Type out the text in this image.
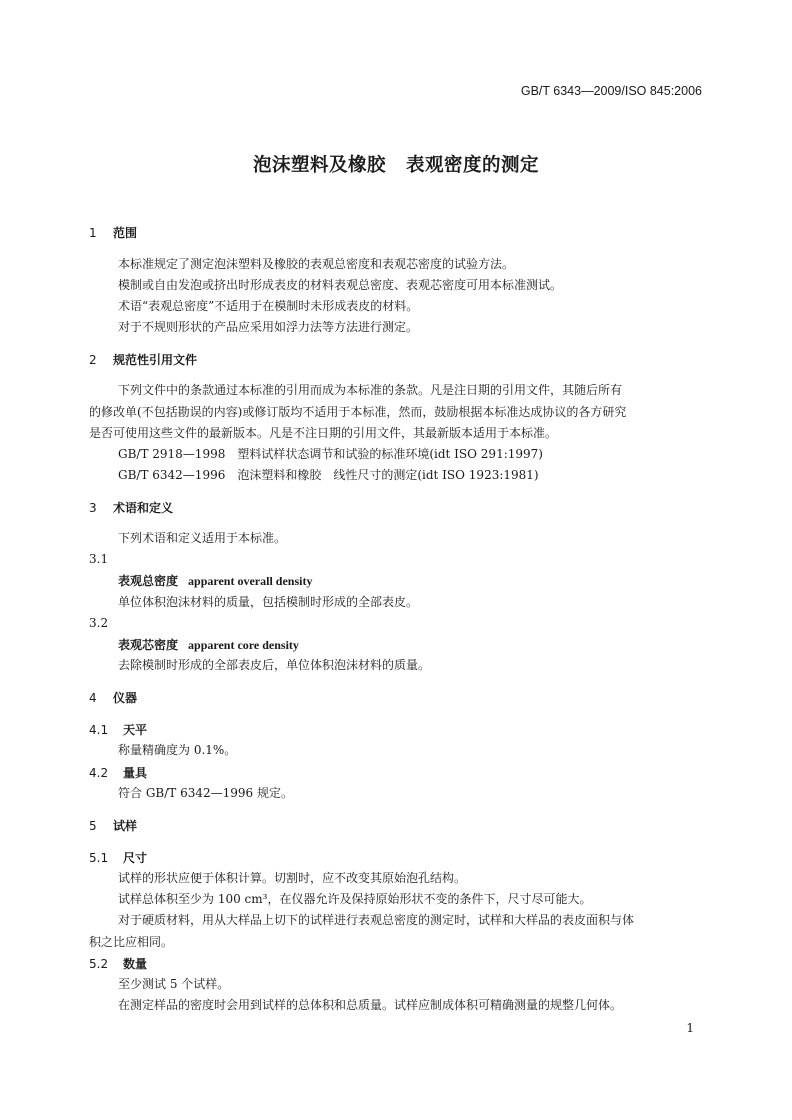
GB/T 6343—2009/ISO 845:2006
泡沫塑料及橡胶 表观密度的测定
1 范围
本标准规定了测定泡沫塑料及橡胶的表观总密度和表观芯密度的试验方法。
模制或自由发泡或挤出时形成表皮的材料表观总密度、表观芯密度可用本标准测试。
术语“表观总密度”不适用于在模制时未形成表皮的材料。
对于不规则形状的产品应采用如浮力法等方法进行测定。
2 规范性引用文件
下列文件中的条款通过本标准的引用而成为本标准的条款。凡是注日期的引用文件，其随后所有
的修改单(不包括勘误的内容)或修订版均不适用于本标准，然而，鼓励根据本标准达成协议的各方研究
是否可使用这些文件的最新版本。凡是不注日期的引用文件，其最新版本适用于本标准。
GB/T 2918—1998　塑料试样状态调节和试验的标准环境(idt ISO 291:1997)
GB/T 6342—1996　泡沫塑料和橡胶　线性尺寸的测定(idt ISO 1923:1981)
3 术语和定义
下列术语和定义适用于本标准。
3.1
表观总密度 apparent overall density
单位体积泡沫材料的质量，包括模制时形成的全部表皮。
3.2
表观芯密度 apparent core density
去除模制时形成的全部表皮后，单位体积泡沫材料的质量。
4 仪器
4.1 天平
称量精确度为 0.1%。
4.2 量具
符合 GB/T 6342—1996 规定。
5 试样
5.1 尺寸
试样的形状应便于体积计算。切割时，应不改变其原始泡孔结构。
试样总体积至少为 100 cm³，在仪器允许及保持原始形状不变的条件下，尺寸尽可能大。
对于硬质材料，用从大样品上切下的试样进行表观总密度的测定时，试样和大样品的表皮面积与体
积之比应相同。
5.2 数量
至少测试 5 个试样。
在测定样品的密度时会用到试样的总体积和总质量。试样应制成体积可精确测量的规整几何体。
1
